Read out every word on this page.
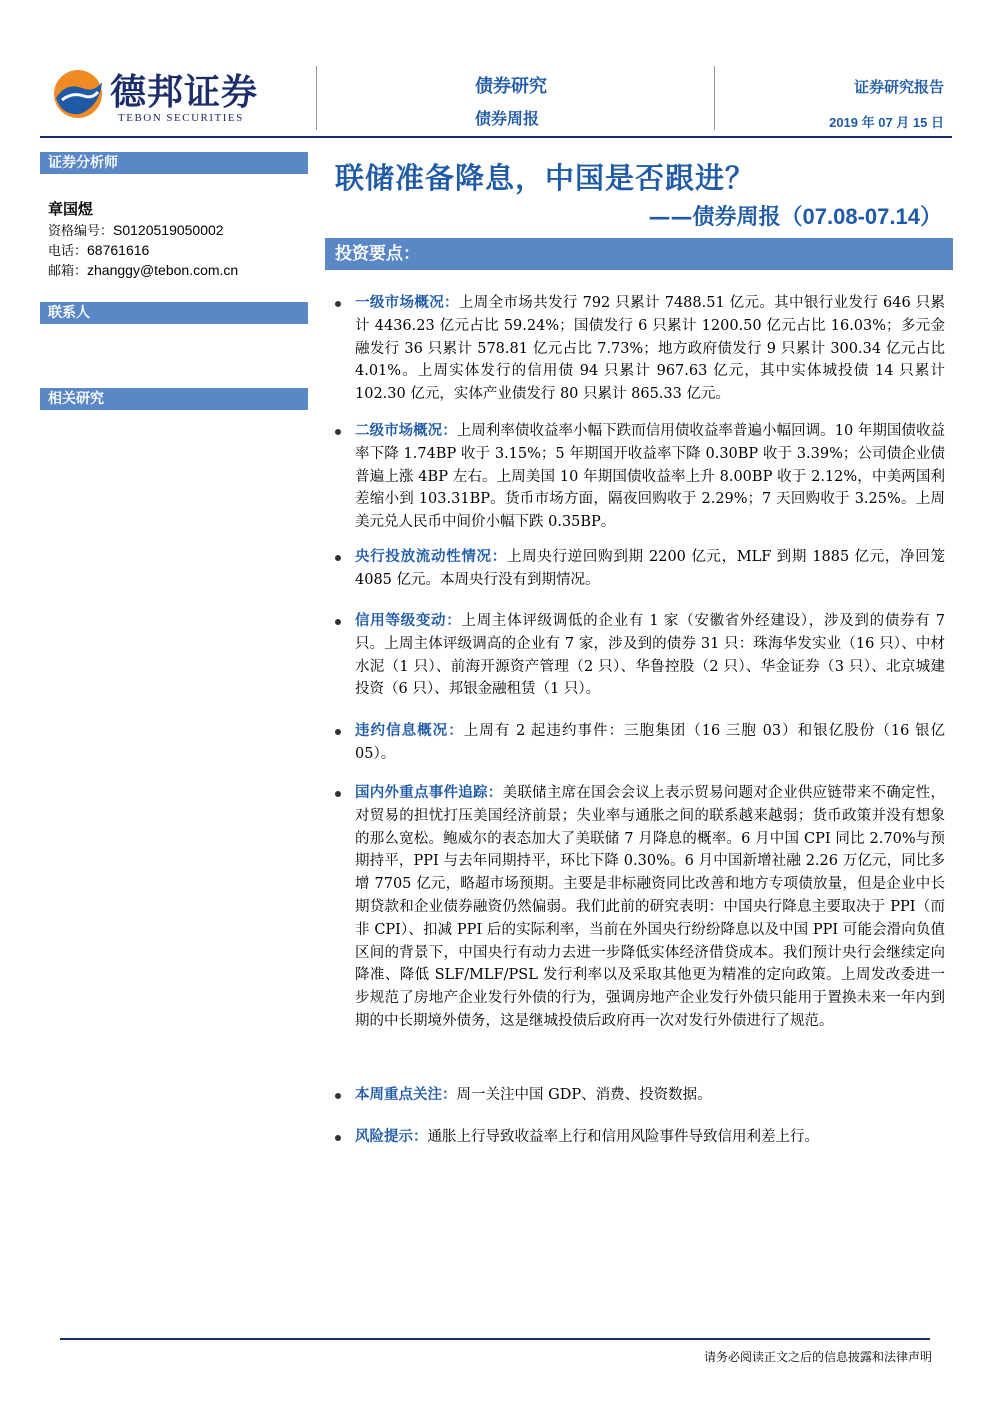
德邦证券
TEBON SECURITIES
债券研究
债券周报
证券研究报告
2019 年 07 月 15 日
证券分析师
章国煜
资格编号：S0120519050002
电话：68761616
邮箱：zhanggy@tebon.com.cn
联系人
相关研究
联储准备降息，中国是否跟进？
——债券周报（07.08-07.14）
投资要点：
一级市场概况：上周全市场共发行 792 只累计 7488.51 亿元。其中银行业发行 646 只累计 4436.23 亿元占比 59.24%；国债发行 6 只累计 1200.50 亿元占比 16.03%；多元金融发行 36 只累计 578.81 亿元占比 7.73%；地方政府债发行 9 只累计 300.34 亿元占比 4.01%。上周实体发行的信用债 94 只累计 967.63 亿元，其中实体城投债 14 只累计 102.30 亿元，实体产业债发行 80 只累计 865.33 亿元。
二级市场概况：上周利率债收益率小幅下跌而信用债收益率普遍小幅回调。10 年期国债收益率下降 1.74BP 收于 3.15%；5 年期国开收益率下降 0.30BP 收于 3.39%；公司债企业债普遍上涨 4BP 左右。上周美国 10 年期国债收益率上升 8.00BP 收于 2.12%，中美两国利差缩小到 103.31BP。货币市场方面，隔夜回购收于 2.29%；7 天回购收于 3.25%。上周美元兑人民币中间价小幅下跌 0.35BP。
央行投放流动性情况：上周央行逆回购到期 2200 亿元，MLF 到期 1885 亿元，净回笼 4085 亿元。本周央行没有到期情况。
信用等级变动：上周主体评级调低的企业有 1 家（安徽省外经建设），涉及到的债券有 7 只。上周主体评级调高的企业有 7 家，涉及到的债券 31 只：珠海华发实业（16 只）、中材水泥（1 只）、前海开源资产管理（2 只）、华鲁控股（2 只）、华金证券（3 只）、北京城建投资（6 只）、邦银金融租赁（1 只）。
违约信息概况：上周有 2 起违约事件：三胞集团（16 三胞 03）和银亿股份（16 银亿 05）。
国内外重点事件追踪：美联储主席在国会会议上表示贸易问题对企业供应链带来不确定性，对贸易的担忧打压美国经济前景；失业率与通胀之间的联系越来越弱；货币政策并没有想象的那么宽松。鲍威尔的表态加大了美联储 7 月降息的概率。6 月中国 CPI 同比 2.70%与预期持平，PPI 与去年同期持平，环比下降 0.30%。6 月中国新增社融 2.26 万亿元，同比多增 7705 亿元，略超市场预期。主要是非标融资同比改善和地方专项债放量，但是企业中长期贷款和企业债券融资仍然偏弱。我们此前的研究表明：中国央行降息主要取决于 PPI（而非 CPI）、扣减 PPI 后的实际利率，当前在外国央行纷纷降息以及中国 PPI 可能会滑向负值区间的背景下，中国央行有动力去进一步降低实体经济借贷成本。我们预计央行会继续定向降准、降低 SLF/MLF/PSL 发行利率以及采取其他更为精准的定向政策。上周发改委进一步规范了房地产企业发行外债的行为，强调房地产企业发行外债只能用于置换未来一年内到期的中长期境外债务，这是继城投债后政府再一次对发行外债进行了规范。
本周重点关注：周一关注中国 GDP、消费、投资数据。
风险提示：通胀上行导致收益率上行和信用风险事件导致信用利差上行。
请务必阅读正文之后的信息披露和法律声明
